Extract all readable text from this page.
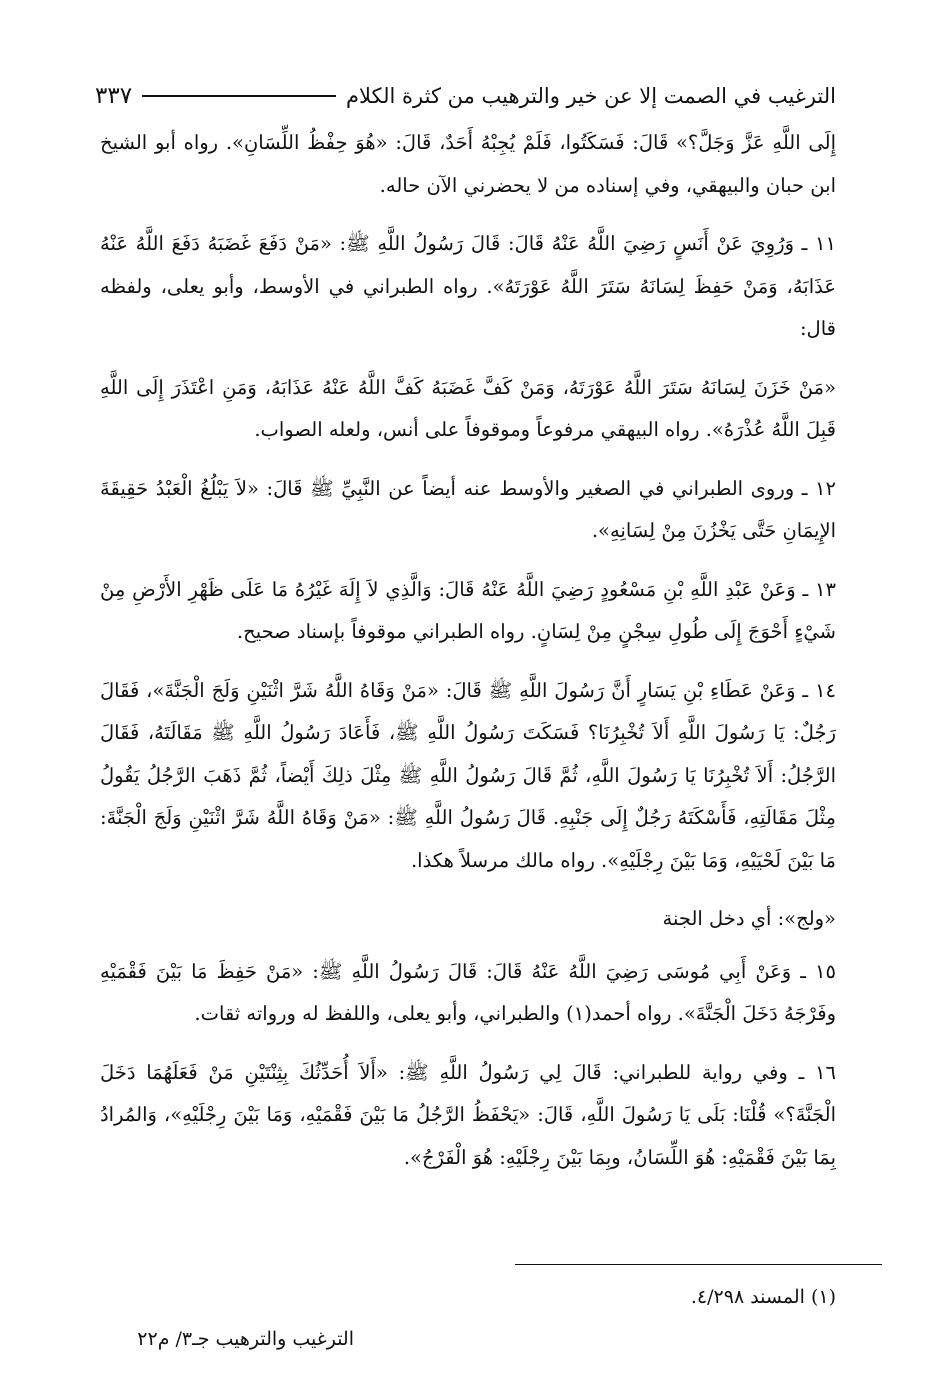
الترغيب في الصمت إلا عن خير والترهيب من كثرة الكلام
٣٣٧

إِلَى اللَّهِ عَزَّ وَجَلَّ؟» قَالَ: فَسَكَتُوا، فَلَمْ يُجِبْهُ أَحَدٌ، قَالَ: «هُوَ حِفْظُ اللِّسَانِ». رواه أبو الشيخ ابن حبان والبيهقي، وفي إسناده من لا يحضرني الآن حاله.

١١ ـ وَرُوِيَ عَنْ أَنَسٍ رَضِيَ اللَّهُ عَنْهُ قَالَ: قَالَ رَسُولُ اللَّهِ ﷺ: «مَنْ دَفَعَ غَضَبَهُ دَفَعَ اللَّهُ عَنْهُ عَذَابَهُ، وَمَنْ حَفِظَ لِسَانَهُ سَتَرَ اللَّهُ عَوْرَتَهُ». رواه الطبراني في الأوسط، وأبو يعلى، ولفظه قال:

«مَنْ خَزَنَ لِسَانَهُ سَتَرَ اللَّهُ عَوْرَتَهُ، وَمَنْ كَفَّ غَضَبَهُ كَفَّ اللَّهُ عَنْهُ عَذَابَهُ، وَمَنِ اعْتَذَرَ إِلَى اللَّهِ قَبِلَ اللَّهُ عُذْرَهُ». رواه البيهقي مرفوعاً وموقوفاً على أنس، ولعله الصواب.

١٢ ـ وروى الطبراني في الصغير والأوسط عنه أيضاً عن النَّبِيِّ ﷺ قَالَ: «لاَ يَبْلُغُ الْعَبْدُ حَقِيقَةَ الإِيمَانِ حَتَّى يَخْزُنَ مِنْ لِسَانِهِ».

١٣ ـ وَعَنْ عَبْدِ اللَّهِ بْنِ مَسْعُودٍ رَضِيَ اللَّهُ عَنْهُ قَالَ: وَالَّذِي لاَ إِلَهَ غَيْرُهُ مَا عَلَى ظَهْرِ الأَرْضِ مِنْ شَيْءٍ أَحْوَجَ إِلَى طُولِ سِجْنٍ مِنْ لِسَانٍ. رواه الطبراني موقوفاً بإسناد صحيح.

١٤ ـ وَعَنْ عَطَاءِ بْنِ يَسَارٍ أَنَّ رَسُولَ اللَّهِ ﷺ قَالَ: «مَنْ وَقَاهُ اللَّهُ شَرَّ اثْنَيْنِ وَلَجَ الْجَنَّةَ»، فَقَالَ رَجُلٌ: يَا رَسُولَ اللَّهِ أَلاَ تُخْبِرُنَا؟ فَسَكَتَ رَسُولُ اللَّهِ ﷺ، فَأَعَادَ رَسُولُ اللَّهِ ﷺ مَقَالَتَهُ، فَقَالَ الرَّجُلُ: أَلاَ تُخْبِرُنَا يَا رَسُولَ اللَّهِ، ثُمَّ قَالَ رَسُولُ اللَّهِ ﷺ مِثْلَ ذلِكَ أَيْضاً، ثُمَّ ذَهَبَ الرَّجُلُ يَقُولُ مِثْلَ مَقَالَتِهِ، فَأَسْكَتَهُ رَجُلٌ إِلَى جَنْبِهِ. قَالَ رَسُولُ اللَّهِ ﷺ: «مَنْ وَقَاهُ اللَّهُ شَرَّ اثْنَيْنِ وَلَجَ الْجَنَّةَ: مَا بَيْنَ لَحْيَيْهِ، وَمَا بَيْنَ رِجْلَيْهِ». رواه مالك مرسلاً هكذا.

«ولج»: أي دخل الجنة

١٥ ـ وَعَنْ أَبِي مُوسَى رَضِيَ اللَّهُ عَنْهُ قَالَ: قَالَ رَسُولُ اللَّهِ ﷺ: «مَنْ حَفِظَ مَا بَيْنَ فَقْمَيْهِ وفَرْجَهُ دَخَلَ الْجَنَّةَ». رواه أحمد(١) والطبراني، وأبو يعلى، واللفظ له ورواته ثقات.

١٦ ـ وفي رواية للطبراني: قَالَ لِي رَسُولُ اللَّهِ ﷺ: «أَلاَ أُحَدِّثُكَ بِثِنْتَيْنِ مَنْ فَعَلَهُمَا دَخَلَ الْجَنَّةَ؟» قُلْنَا: بَلَى يَا رَسُولَ اللَّهِ، قَالَ: «يَحْفَظُ الرَّجُلُ مَا بَيْنَ فَقْمَيْهِ، وَمَا بَيْنَ رِجْلَيْهِ»، وَالمُرادُ بِمَا بَيْنَ فَقْمَيْهِ: هُوَ اللِّسَانُ، وبِمَا بَيْنَ رِجْلَيْهِ: هُوَ الْفَرْجُ».

(١) المسند ٤/٢٩٨.
الترغيب والترهيب جـ٣/ م٢٢
